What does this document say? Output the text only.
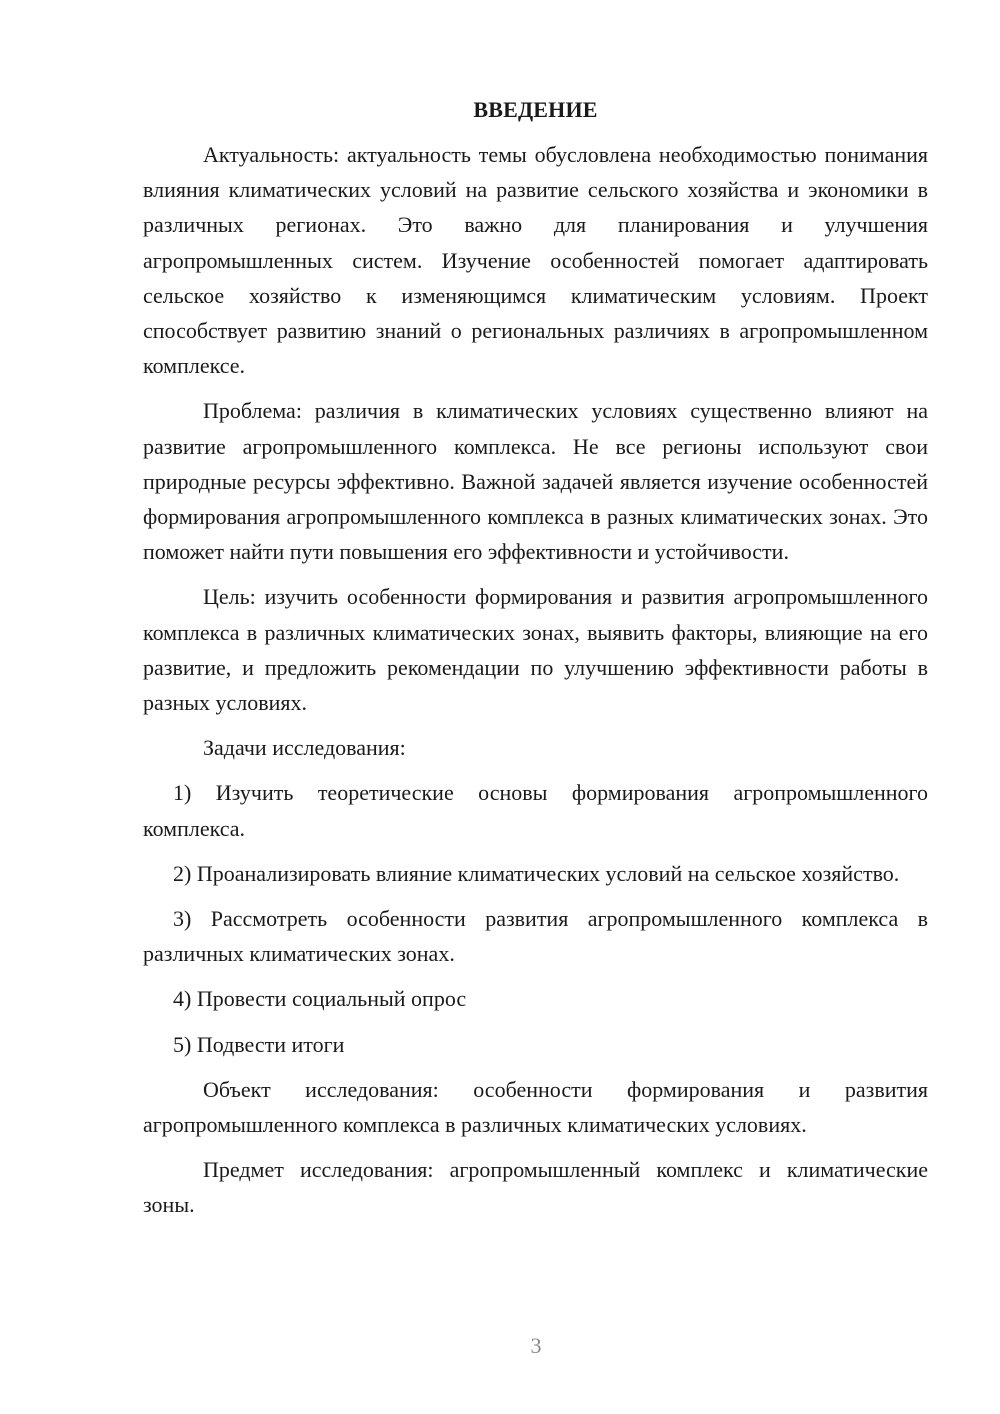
ВВЕДЕНИЕ

Актуальность: актуальность темы обусловлена необходимостью понимания влияния климатических условий на развитие сельского хозяйства и экономики в различных регионах. Это важно для планирования и улучшения агропромышленных систем. Изучение особенностей помогает адаптировать сельское хозяйство к изменяющимся климатическим условиям. Проект способствует развитию знаний о региональных различиях в агропромышленном комплексе.

Проблема: различия в климатических условиях существенно влияют на развитие агропромышленного комплекса. Не все регионы используют свои природные ресурсы эффективно. Важной задачей является изучение особенностей формирования агропромышленного комплекса в разных климатических зонах. Это поможет найти пути повышения его эффективности и устойчивости.

Цель: изучить особенности формирования и развития агропромышленного комплекса в различных климатических зонах, выявить факторы, влияющие на его развитие, и предложить рекомендации по улучшению эффективности работы в разных условиях.

Задачи исследования:

1) Изучить теоретические основы формирования агропромышленного комплекса.

2) Проанализировать влияние климатических условий на сельское хозяйство.

3) Рассмотреть особенности развития агропромышленного комплекса в различных климатических зонах.

4) Провести социальный опрос

5) Подвести итоги

Объект исследования: особенности формирования и развития агропромышленного комплекса в различных климатических условиях.

Предмет исследования: агропромышленный комплекс и климатические зоны.

3
